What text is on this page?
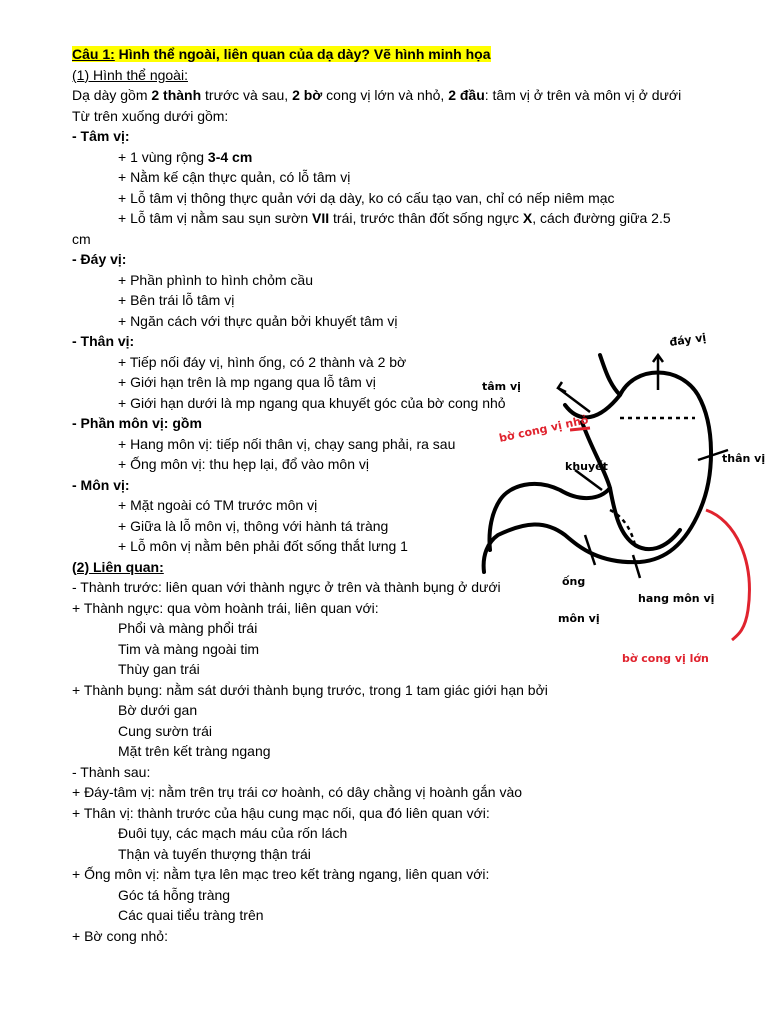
Câu 1: Hình thể ngoài, liên quan của dạ dày? Vẽ hình minh họa
(1) Hình thể ngoài:
Dạ dày gồm 2 thành trước và sau, 2 bờ cong vị lớn và nhỏ, 2 đầu: tâm vị ở trên và môn vị ở dưới
Từ trên xuống dưới gồm:
- Tâm vị:
+ 1 vùng rộng 3-4 cm
+ Nằm kế cận thực quản, có lỗ tâm vị
+ Lỗ tâm vị thông thực quản với dạ dày, ko có cấu tạo van, chỉ có nếp niêm mạc
+ Lỗ tâm vị nằm sau sụn sườn VII trái, trước thân đốt sống ngực X, cách đường giữa 2.5
cm
- Đáy vị:
+ Phần phình to hình chỏm cầu
+ Bên trái lỗ tâm vị
+ Ngăn cách với thực quản bởi khuyết tâm vị
- Thân vị:
+ Tiếp nối đáy vị, hình ống, có 2 thành và 2 bờ
+ Giới hạn trên là mp ngang qua lỗ tâm vị
+ Giới hạn dưới là mp ngang qua khuyết góc của bờ cong nhỏ
- Phần môn vị: gồm
+ Hang môn vị: tiếp nối thân vị, chạy sang phải, ra sau
+ Ống môn vị: thu hẹp lại, đổ vào môn vị
- Môn vị:
+ Mặt ngoài có TM trước môn vị
+ Giữa là lỗ môn vị, thông với hành tá tràng
+ Lỗ môn vị nằm bên phải đốt sống thắt lưng 1
(2) Liên quan:
- Thành trước: liên quan với thành ngực ở trên và thành bụng ở dưới
+ Thành ngực: qua vòm hoành trái, liên quan với:
Phổi và màng phổi trái
Tim và màng ngoài tim
Thùy gan trái
+ Thành bụng: nằm sát dưới thành bụng trước, trong 1 tam giác giới hạn bởi
Bờ dưới gan
Cung sườn trái
Mặt trên kết tràng ngang
- Thành sau:
+ Đáy-tâm vị: nằm trên trụ trái cơ hoành, có dây chằng vị hoành gắn vào
+ Thân vị: thành trước của hậu cung mạc nối, qua đó liên quan với:
Đuôi tụy, các mạch máu của rốn lách
Thận và tuyến thượng thận trái
+ Ống môn vị: nằm tựa lên mạc treo kết tràng ngang, liên quan với:
Góc tá hỗng tràng
Các quai tiểu tràng trên
+ Bờ cong nhỏ:
đáy vị
tâm vị
bờ cong vị nhỏ
khuyết
thân vị
ống
môn vị
hang môn vị
bờ cong vị lớn
